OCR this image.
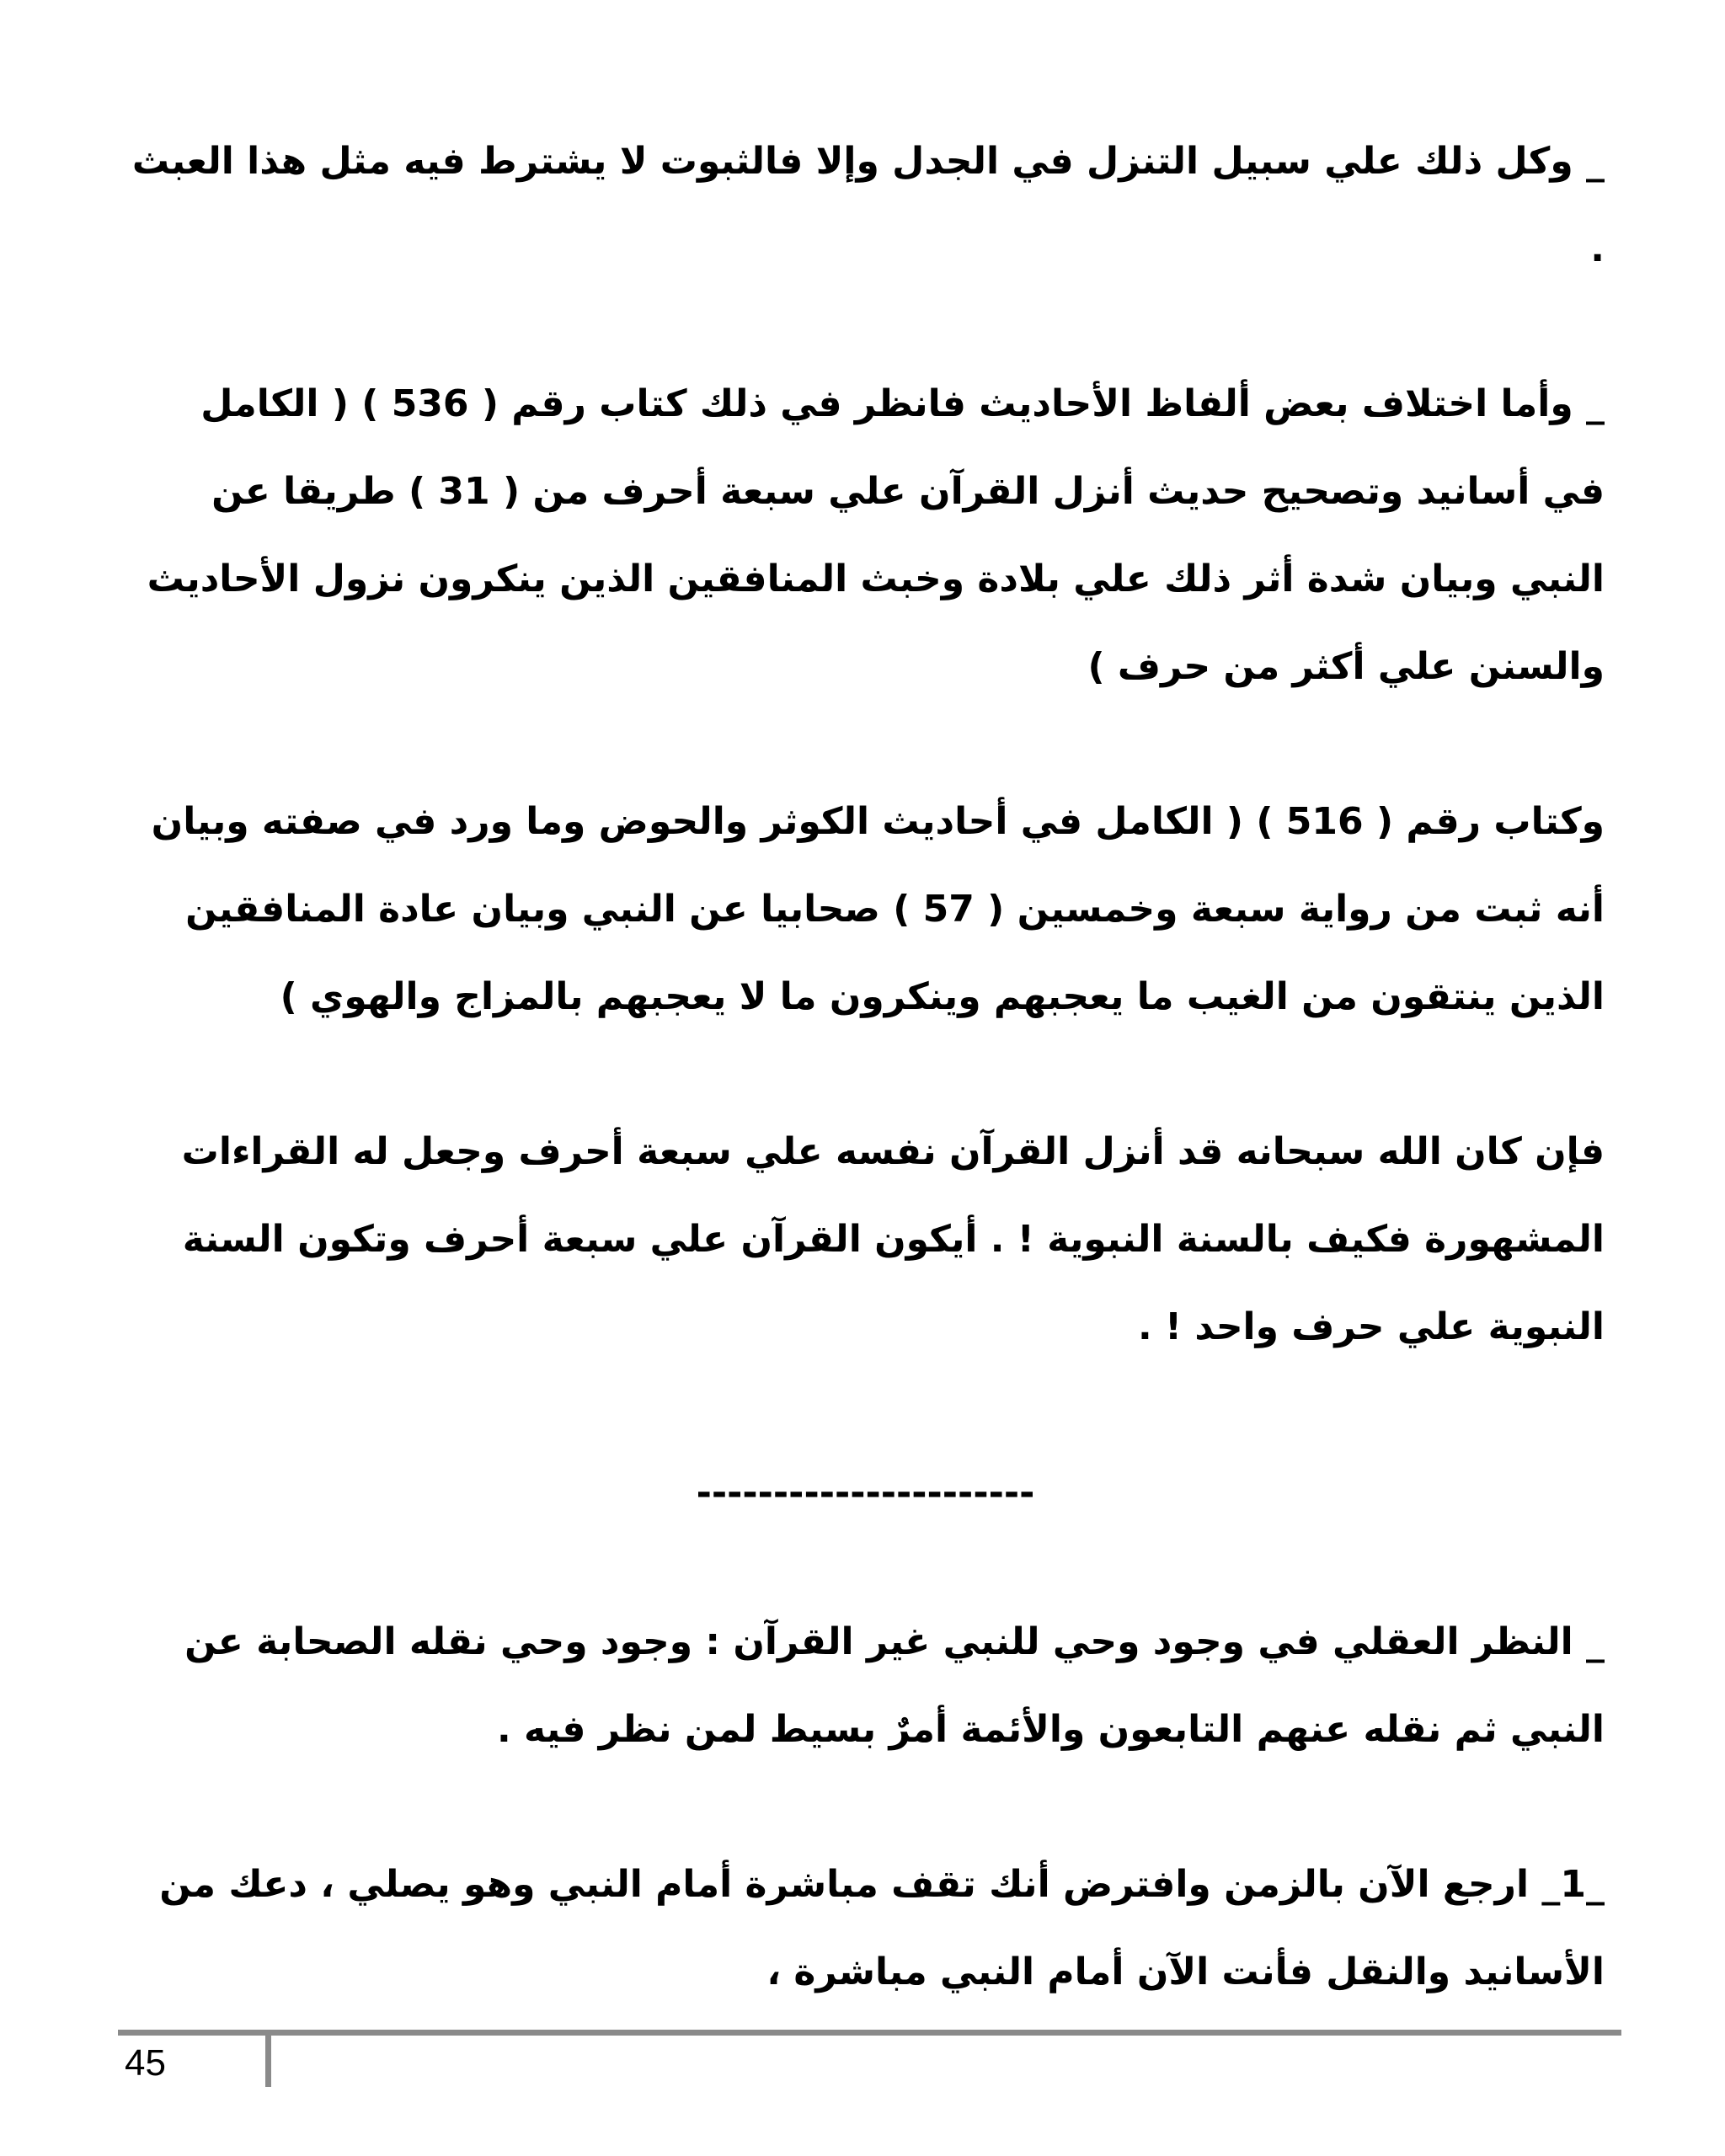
_ وكل ذلك علي سبيل التنزل في الجدل وإلا فالثبوت لا يشترط فيه مثل هذا العبث .

_ وأما اختلاف بعض ألفاظ الأحاديث فانظر في ذلك كتاب رقم ( 536 ) ( الكامل في أسانيد وتصحيح حديث أنزل القرآن علي سبعة أحرف من ( 31 ) طريقا عن النبي وبيان شدة أثر ذلك علي بلادة وخبث المنافقين الذين ينكرون نزول الأحاديث والسنن علي أكثر من حرف )

وكتاب رقم ( 516 ) ( الكامل في أحاديث الكوثر والحوض وما ورد في صفته وبيان أنه ثبت من رواية سبعة وخمسين ( 57 ) صحابيا عن النبي وبيان عادة المنافقين الذين ينتقون من الغيب ما يعجبهم وينكرون ما لا يعجبهم بالمزاج والهوي )

فإن كان الله سبحانه قد أنزل القرآن نفسه علي سبعة أحرف وجعل له القراءات المشهورة فكيف بالسنة النبوية ! . أيكون القرآن علي سبعة أحرف وتكون السنة النبوية علي حرف واحد ! .

----------------------

_ النظر العقلي في وجود وحي للنبي غير القرآن : وجود وحي نقله الصحابة عن النبي ثم نقله عنهم التابعون والأئمة أمرٌ بسيط لمن نظر فيه .

_1_ ارجع الآن بالزمن وافترض أنك تقف مباشرة أمام النبي وهو يصلي ، دعك من الأسانيد والنقل فأنت الآن أمام النبي مباشرة ،

45
